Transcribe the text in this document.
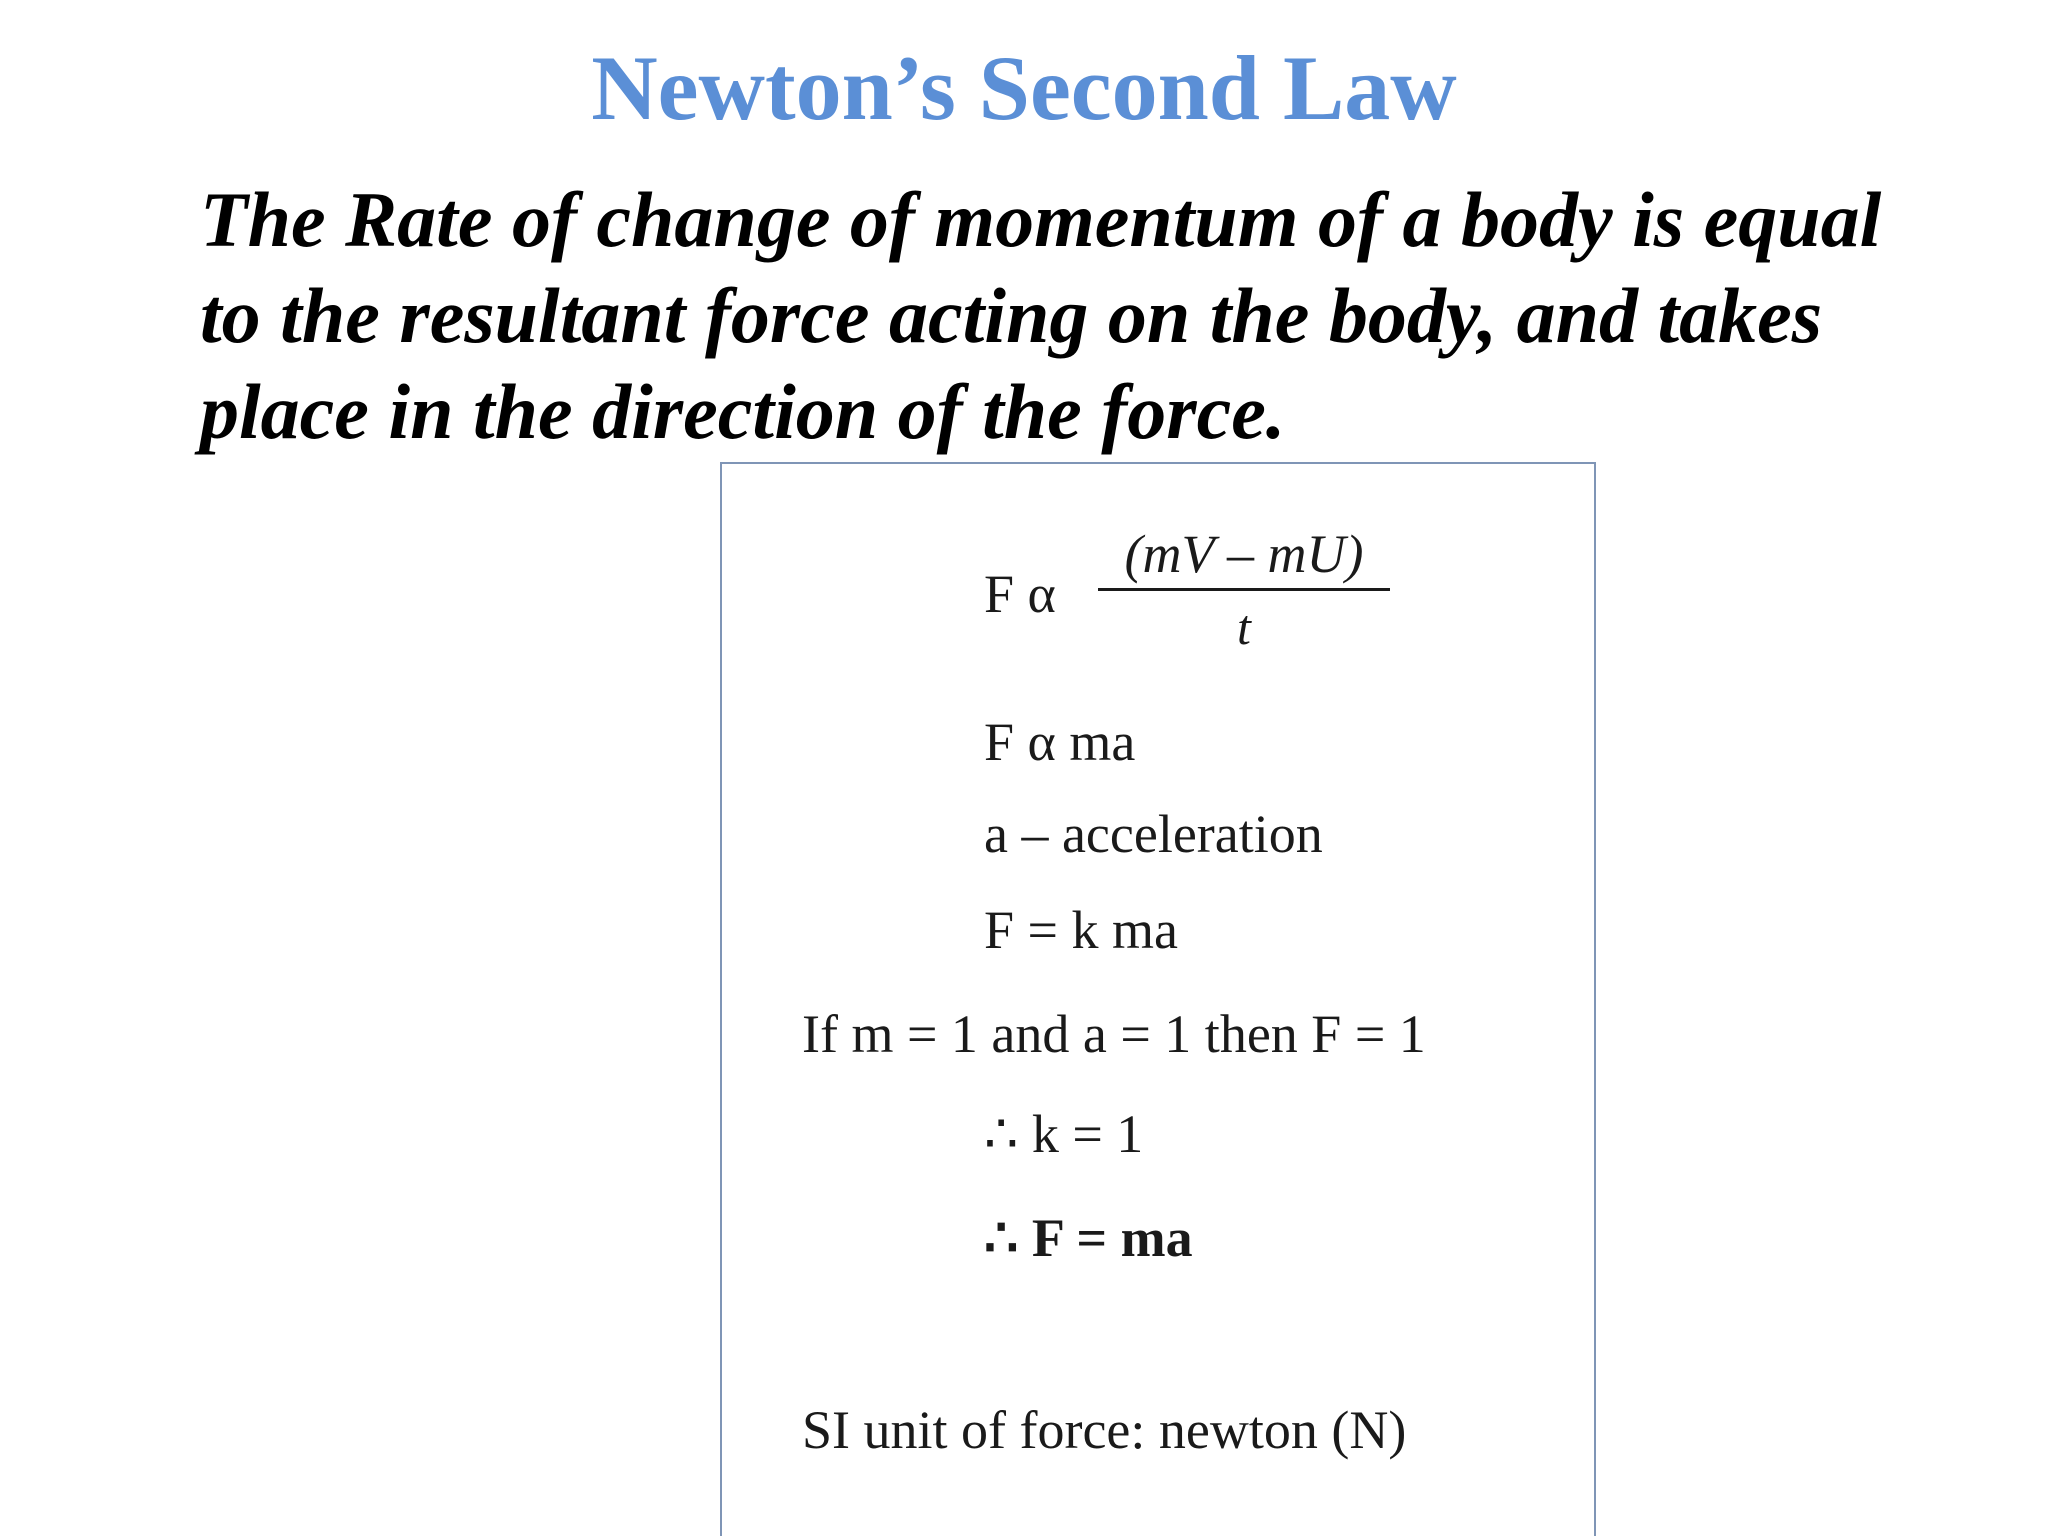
Newton’s Second Law

The Rate of change of momentum of a body is equal to the resultant force acting on the body, and takes place in the direction of the force.

F α
(mV – mU)
t
F α ma
a – acceleration
F = k ma
If m = 1 and a = 1 then F = 1
∴ k = 1
∴ F = ma
SI unit of force: newton (N)
